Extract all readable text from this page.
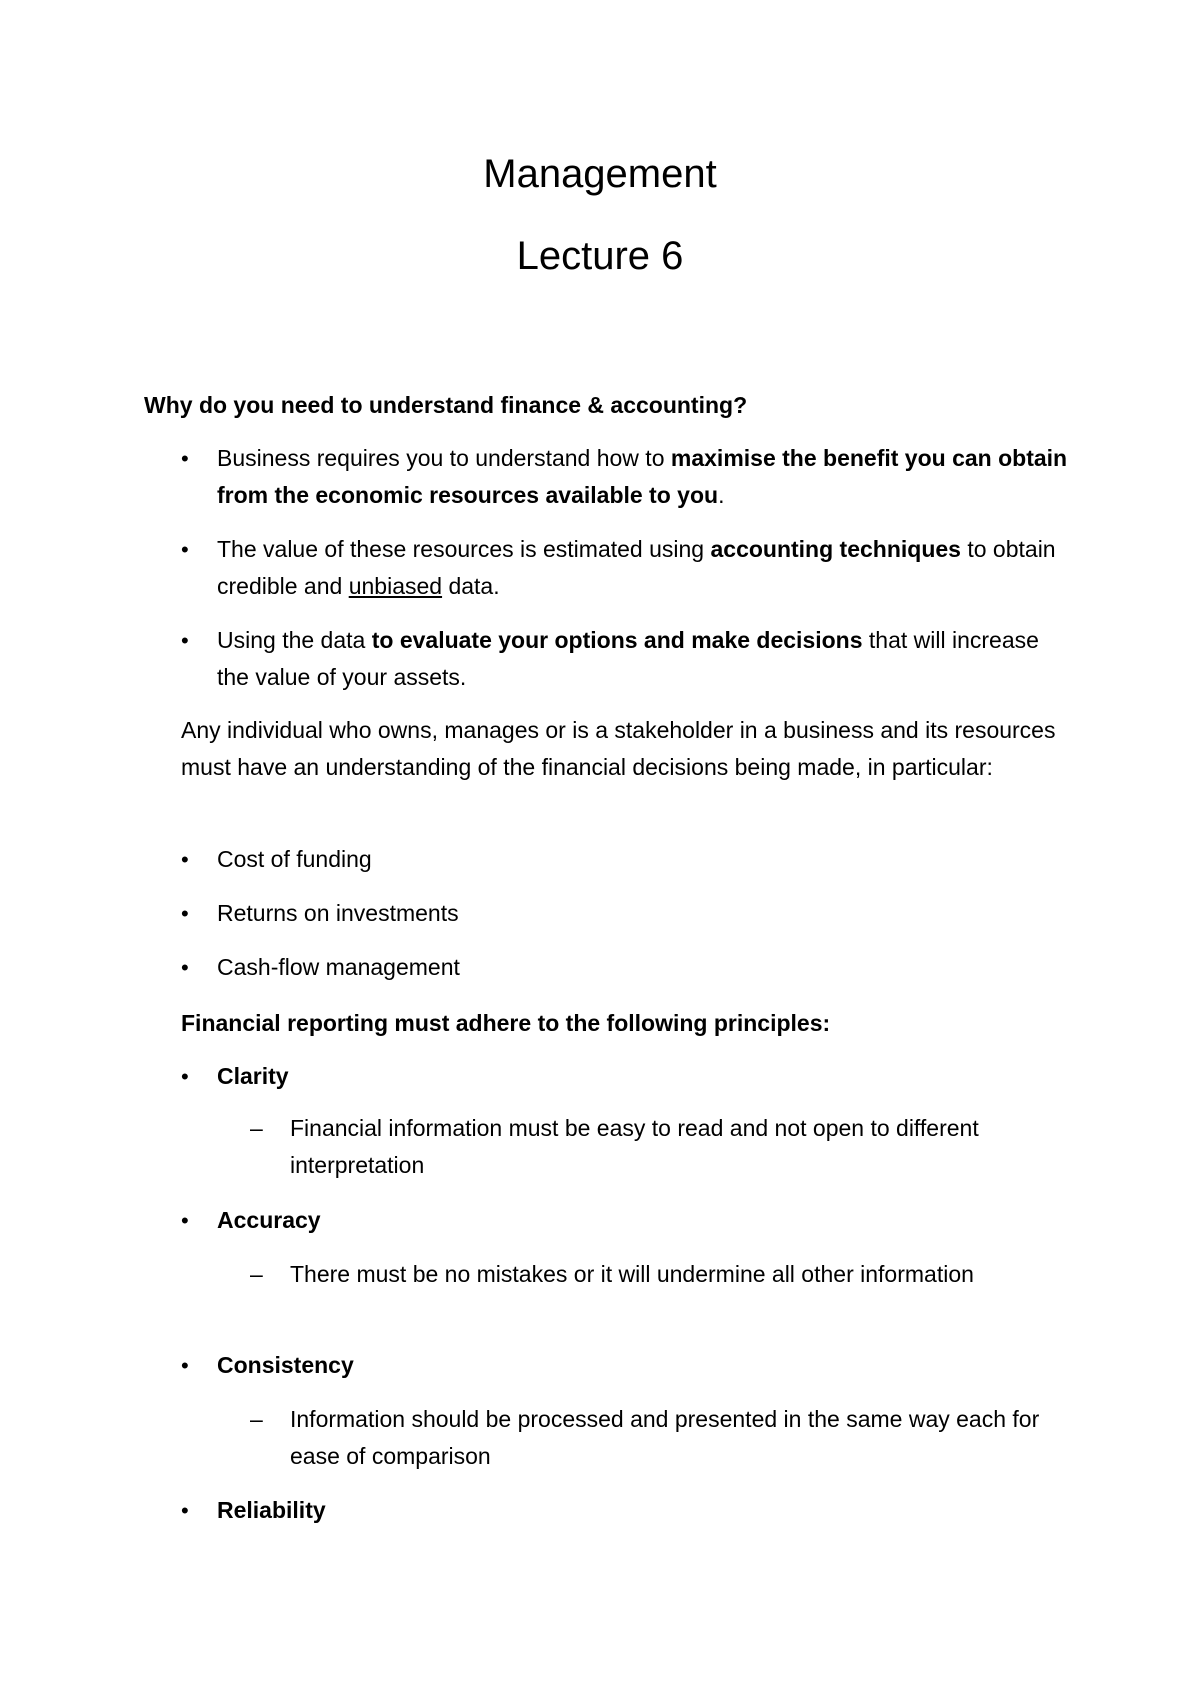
Management
Lecture 6
Why do you need to understand finance & accounting?
• Business requires you to understand how to maximise the benefit you can obtain from the economic resources available to you.
• The value of these resources is estimated using accounting techniques to obtain credible and unbiased data.
• Using the data to evaluate your options and make decisions that will increase the value of your assets.
Any individual who owns, manages or is a stakeholder in a business and its resources must have an understanding of the financial decisions being made, in particular:
• Cost of funding
• Returns on investments
• Cash-flow management
Financial reporting must adhere to the following principles:
• Clarity
– Financial information must be easy to read and not open to different interpretation
• Accuracy
– There must be no mistakes or it will undermine all other information
• Consistency
– Information should be processed and presented in the same way each for ease of comparison
• Reliability
